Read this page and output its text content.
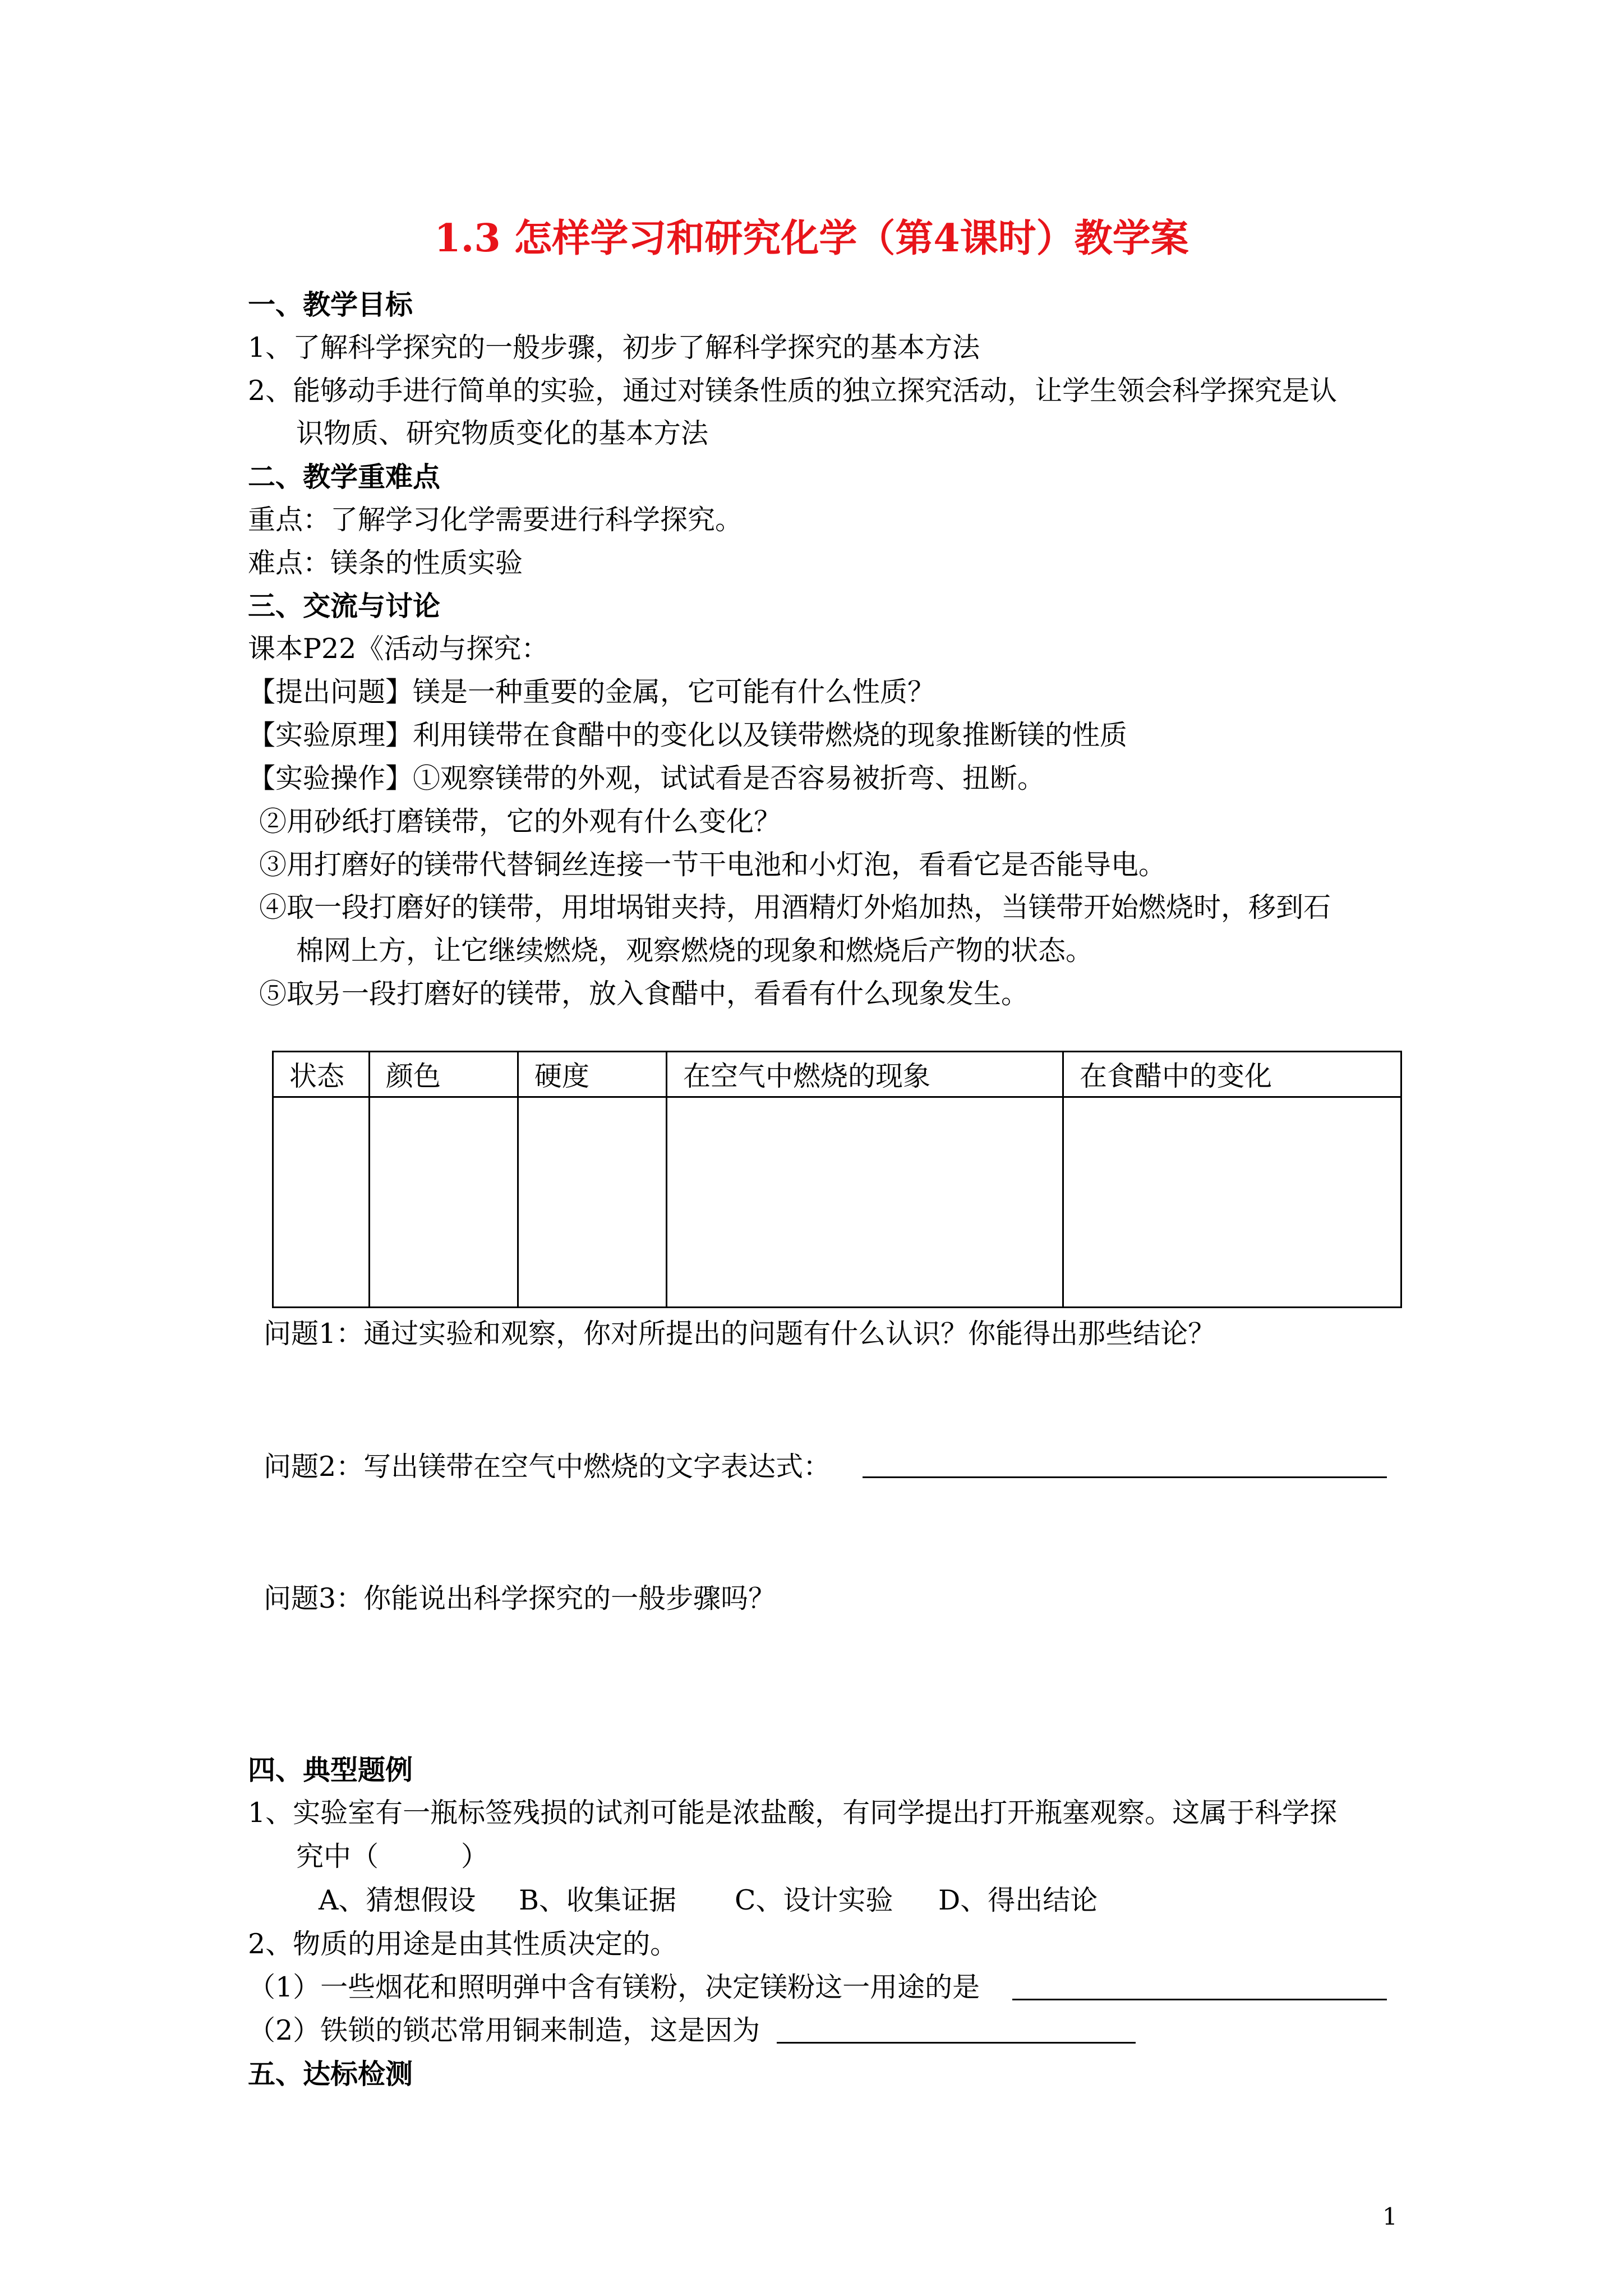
1.3 怎样学习和研究化学（第4课时）教学案
一、教学目标
1、了解科学探究的一般步骤，初步了解科学探究的基本方法
2、能够动手进行简单的实验，通过对镁条性质的独立探究活动，让学生领会科学探究是认
识物质、研究物质变化的基本方法
二、教学重难点
重点：了解学习化学需要进行科学探究。
难点：镁条的性质实验
三、交流与讨论
课本P22《活动与探究：
【提出问题】镁是一种重要的金属，它可能有什么性质？
【实验原理】利用镁带在食醋中的变化以及镁带燃烧的现象推断镁的性质
【实验操作】①观察镁带的外观，试试看是否容易被折弯、扭断。
②用砂纸打磨镁带，它的外观有什么变化？
③用打磨好的镁带代替铜丝连接一节干电池和小灯泡，看看它是否能导电。
④取一段打磨好的镁带，用坩埚钳夹持，用酒精灯外焰加热，当镁带开始燃烧时，移到石
棉网上方，让它继续燃烧，观察燃烧的现象和燃烧后产物的状态。
⑤取另一段打磨好的镁带，放入食醋中，看看有什么现象发生。
状态	颜色	硬度	在空气中燃烧的现象	在食醋中的变化

问题1：通过实验和观察，你对所提出的问题有什么认识？你能得出那些结论？
问题2：写出镁带在空气中燃烧的文字表达式：
问题3：你能说出科学探究的一般步骤吗？
四、典型题例
1、实验室有一瓶标签残损的试剂可能是浓盐酸，有同学提出打开瓶塞观察。这属于科学探
究中（　　　）
A、猜想假设 B、收集证据 C、设计实验 D、得出结论
2、物质的用途是由其性质决定的。
（1）一些烟花和照明弹中含有镁粉，决定镁粉这一用途的是
（2）铁锁的锁芯常用铜来制造，这是因为
五、达标检测
1
